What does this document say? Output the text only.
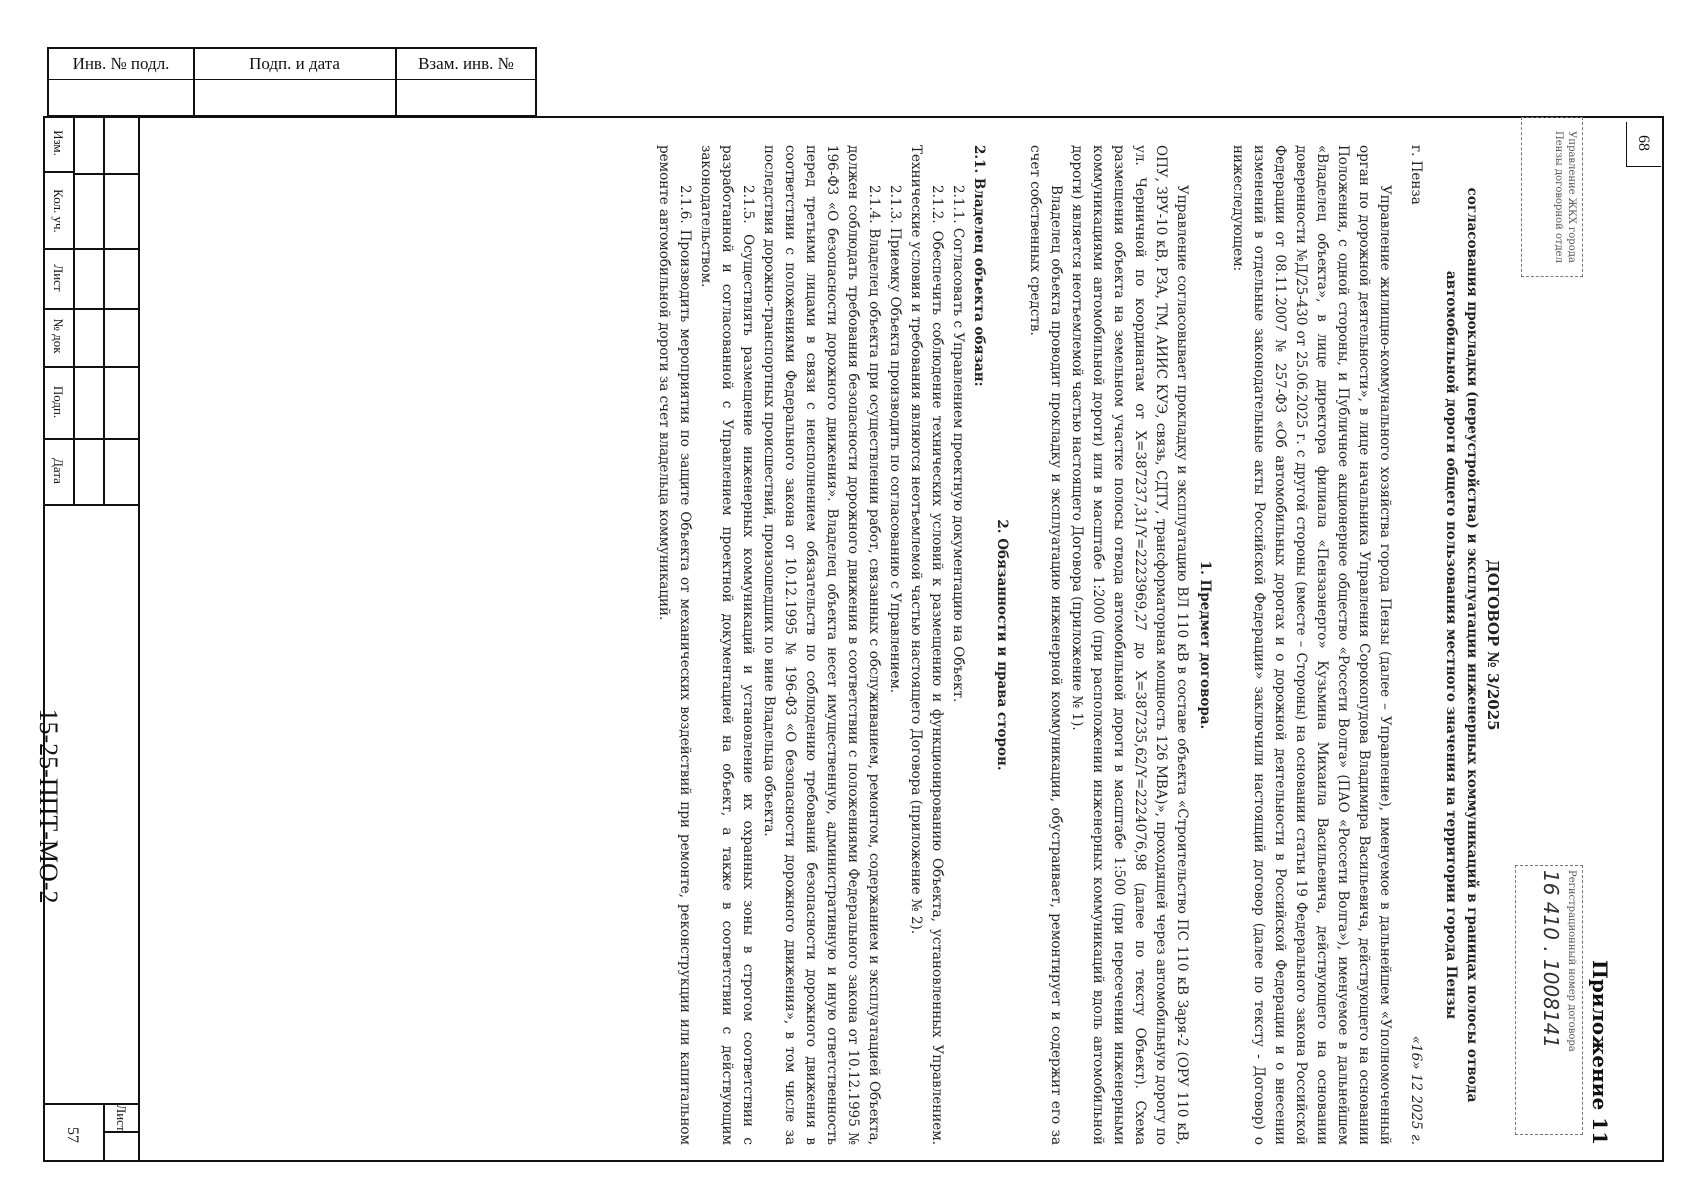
Инв. № подл.	Подп. и дата	Взам. инв. №
Изм.
Кол. уч.
Лист
№ док
Подп.
Дата
15-25-ППТ-МО-2
Лист
57
68
Приложение 11
Управление ЖКХ города Пензы договорной отдел
Регистрационный номер договора
16 410 . 1008141
ДОГОВОР № 3/2025
согласования прокладки (переустройства) и эксплуатации инженерных коммуникаций в границах полосы отвода автомобильной дороги общего пользования местного значения на территории города Пензы
г. Пенза
«16» 12 2025 г.

Управление жилищно-коммунального хозяйства города Пензы (далее – Управление), именуемое в дальнейшем «Уполномоченный орган по дорожной деятельности», в лице начальника Управления Сорокопудова Владимира Васильевича, действующего на основании Положения, с одной стороны, и Публичное акционерное общество «Россети Волга» (ПАО «Россети Волга»), именуемое в дальнейшем «Владелец объекта», в лице директора филиала «Пензаэнерго» Кузьмина Михаила Васильевича, действующего на основании доверенности №Д/25-430 от 25.06.2025 г. с другой стороны (вместе – Стороны) на основании статьи 19 Федерального закона Российской Федерации от 08.11.2007 № 257-ФЗ «Об автомобильных дорогах и о дорожной деятельности в Российской Федерации и о внесении изменений в отдельные законодательные акты Российской Федерации» заключили настоящий договор (далее по тексту - Договор) о нижеследующем:

1. Предмет договора.

Управление согласовывает прокладку и эксплуатацию ВЛ 110 кВ в составе объекта «Строительство ПС 110 кВ Заря-2 (ОРУ 110 кВ, ОПУ, ЗРУ-10 кВ, РЗА, ТМ, АИИС КУЭ, связь, СДТУ, трансформаторная мощность 126 МВА)», проходящей через автомобильную дорогу по ул. Черничной по координатам от Х=387237,31/Y=2223969,27 до Х=387235,62/Y=2224076,98 (далее по тексту Объект). Схема размещения объекта на земельном участке полосы отвода автомобильной дороги в масштабе 1:500 (при пересечении инженерными коммуникациями автомобильной дороги) или в масштабе 1:2000 (при расположении инженерных коммуникаций вдоль автомобильной дороги) является неотъемлемой частью настоящего Договора (приложение № 1).

Владелец объекта проводит прокладку и эксплуатацию инженерной коммуникации, обустраивает, ремонтирует и содержит его за счет собственных средств.

2. Обязанности и права сторон.

2.1. Владелец объекта обязан:

2.1.1. Согласовать с Управлением проектную документацию на Объект.

2.1.2. Обеспечить соблюдение технических условий к размещению и функционированию Объекта, установленных Управлением. Технические условия и требования являются неотъемлемой частью настоящего Договора (приложение № 2).

2.1.3. Приемку Объекта производить по согласованию с Управлением.

2.1.4. Владелец объекта при осуществлении работ, связанных с обслуживанием, ремонтом, содержанием и эксплуатацией Объекта, должен соблюдать требования безопасности дорожного движения в соответствии с положениями Федерального закона от 10.12.1995 № 196-ФЗ «О безопасности дорожного движения». Владелец объекта несет имущественную, административную и иную ответственность перед третьими лицами в связи с неисполнением обязательств по соблюдению требований безопасности дорожного движения в соответствии с положениями Федерального закона от 10.12.1995 № 196-ФЗ «О безопасности дорожного движения», в том числе за последствия дорожно-транспортных происшествий, произошедших по вине Владельца объекта.

2.1.5. Осуществлять размещение инженерных коммуникаций и установление их охранных зоны в строгом соответствии с разработанной и согласованной с Управлением проектной документацией на объект, а также в соответствии с действующим законодательством.

2.1.6. Производить мероприятия по защите Объекта от механических воздействий при ремонте, реконструкции или капитальном ремонте автомобильной дороги за счет владельца коммуникаций.
